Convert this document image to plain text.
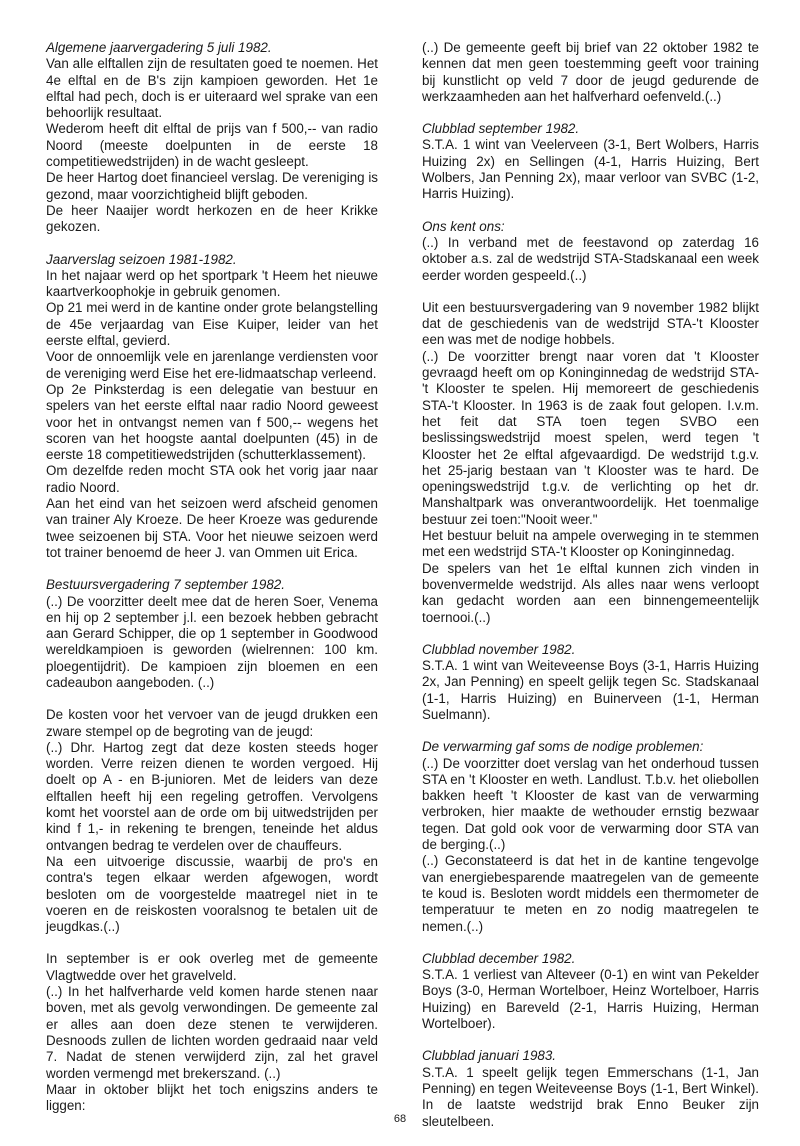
Algemene jaarvergadering 5 juli 1982.

Van alle elftallen zijn de resultaten goed te noemen. Het 4e elftal en de B's zijn kampioen geworden. Het 1e elftal had pech, doch is er uiteraard wel sprake van een behoorlijk resultaat.

Wederom heeft dit elftal de prijs van f 500,-- van radio Noord (meeste doelpunten in de eerste 18 competitiewedstrijden) in de wacht gesleept.

De heer Hartog doet financieel verslag. De vereniging is gezond, maar voorzichtigheid blijft geboden.

De heer Naaijer wordt herkozen en de heer Krikke gekozen.

Jaarverslag seizoen 1981-1982.

In het najaar werd op het sportpark 't Heem het nieuwe kaartverkoophokje in gebruik genomen.

Op 21 mei werd in de kantine onder grote belangstelling de 45e verjaardag van Eise Kuiper, leider van het eerste elftal, gevierd.

Voor de onnoemlijk vele en jarenlange verdiensten voor de vereniging werd Eise het ere-lidmaatschap verleend.

Op 2e Pinksterdag is een delegatie van bestuur en spelers van het eerste elftal naar radio Noord geweest voor het in ontvangst nemen van f 500,-- wegens het scoren van het hoogste aantal doelpunten (45) in de eerste 18 competitiewedstrijden (schutterklassement).

Om dezelfde reden mocht STA ook het vorig jaar naar radio Noord.

Aan het eind van het seizoen werd afscheid genomen van trainer Aly Kroeze. De heer Kroeze was gedurende twee seizoenen bij STA. Voor het nieuwe seizoen werd tot trainer benoemd de heer J. van Ommen uit Erica.

Bestuursvergadering 7 september 1982.

(..) De voorzitter deelt mee dat de heren Soer, Venema en hij op 2 september j.l. een bezoek hebben gebracht aan Gerard Schipper, die op 1 september in Goodwood wereldkampioen is geworden (wielrennen: 100 km. ploegentijdrit). De kampioen zijn bloemen en een cadeaubon aangeboden. (..)

De kosten voor het vervoer van de jeugd drukken een zware stempel op de begroting van de jeugd:

(..) Dhr. Hartog zegt dat deze kosten steeds hoger worden. Verre reizen dienen te worden vergoed. Hij doelt op A - en B-junioren. Met de leiders van deze elftallen heeft hij een regeling getroffen. Vervolgens komt het voorstel aan de orde om bij uitwedstrijden per kind f 1,- in rekening te brengen, teneinde het aldus ontvangen bedrag te verdelen over de chauffeurs.

Na een uitvoerige discussie, waarbij de pro's en contra's tegen elkaar werden afgewogen, wordt besloten om de voorgestelde maatregel niet in te voeren en de reiskosten vooralsnog te betalen uit de jeugdkas.(..)

In september is er ook overleg met de gemeente Vlagtwedde over het gravelveld.

(..) In het halfverharde veld komen harde stenen naar boven, met als gevolg verwondingen. De gemeente zal er alles aan doen deze stenen te verwijderen. Desnoods zullen de lichten worden gedraaid naar veld 7. Nadat de stenen verwijderd zijn, zal het gravel worden vermengd met brekerszand. (..)

Maar in oktober blijkt het toch enigszins anders te liggen:

(..) De gemeente geeft bij brief van 22 oktober 1982 te kennen dat men geen toestemming geeft voor training bij kunstlicht op veld 7 door de jeugd gedurende de werkzaamheden aan het halfverhard oefenveld.(..)

Clubblad september 1982.

S.T.A. 1 wint van Veelerveen (3-1, Bert Wolbers, Harris Huizing 2x) en Sellingen (4-1, Harris Huizing, Bert Wolbers, Jan Penning 2x), maar verloor van SVBC (1-2, Harris Huizing).

Ons kent ons:

(..) In verband met de feestavond op zaterdag 16 oktober a.s. zal de wedstrijd STA-Stadskanaal een week eerder worden gespeeld.(..)

Uit een bestuursvergadering van 9 november 1982 blijkt dat de geschiedenis van de wedstrijd STA-'t Klooster een was met de nodige hobbels.

(..) De voorzitter brengt naar voren dat 't Klooster gevraagd heeft om op Koninginnedag de wedstrijd STA-'t Klooster te spelen. Hij memoreert de geschiedenis STA-'t Klooster. In 1963 is de zaak fout gelopen. I.v.m. het feit dat STA toen tegen SVBO een beslissingswedstrijd moest spelen, werd tegen 't Klooster het 2e elftal afgevaardigd. De wedstrijd t.g.v. het 25-jarig bestaan van 't Klooster was te hard. De openingswedstrijd t.g.v. de verlichting op het dr. Manshaltpark was onverantwoordelijk. Het toenmalige bestuur zei toen:"Nooit weer."

Het bestuur beluit na ampele overweging in te stemmen met een wedstrijd STA-'t Klooster op Koninginnedag.

De spelers van het 1e elftal kunnen zich vinden in bovenvermelde wedstrijd. Als alles naar wens verloopt kan gedacht worden aan een binnengemeentelijk toernooi.(..)

Clubblad november 1982.

S.T.A. 1 wint van Weiteveense Boys (3-1, Harris Huizing 2x, Jan Penning) en speelt gelijk tegen Sc. Stadskanaal (1-1, Harris Huizing) en Buinerveen (1-1, Herman Suelmann).

De verwarming gaf soms de nodige problemen:

(..) De voorzitter doet verslag van het onderhoud tussen STA en 't Klooster en weth. Landlust. T.b.v. het oliebollen bakken heeft 't Klooster de kast van de verwarming verbroken, hier maakte de wethouder ernstig bezwaar tegen. Dat gold ook voor de verwarming door STA van de berging.(..)

(..) Geconstateerd is dat het in de kantine tengevolge van energiebesparende maatregelen van de gemeente te koud is. Besloten wordt middels een thermometer de temperatuur te meten en zo nodig maatregelen te nemen.(..)

Clubblad december 1982.

S.T.A. 1 verliest van Alteveer (0-1) en wint van Pekelder Boys (3-0, Herman Wortelboer, Heinz Wortelboer, Harris Huizing) en Bareveld (2-1, Harris Huizing, Herman Wortelboer).

Clubblad januari 1983.

S.T.A. 1 speelt gelijk tegen Emmerschans (1-1, Jan Penning) en tegen Weiteveense Boys (1-1, Bert Winkel). In de laatste wedstrijd brak Enno Beuker zijn sleutelbeen.

68
